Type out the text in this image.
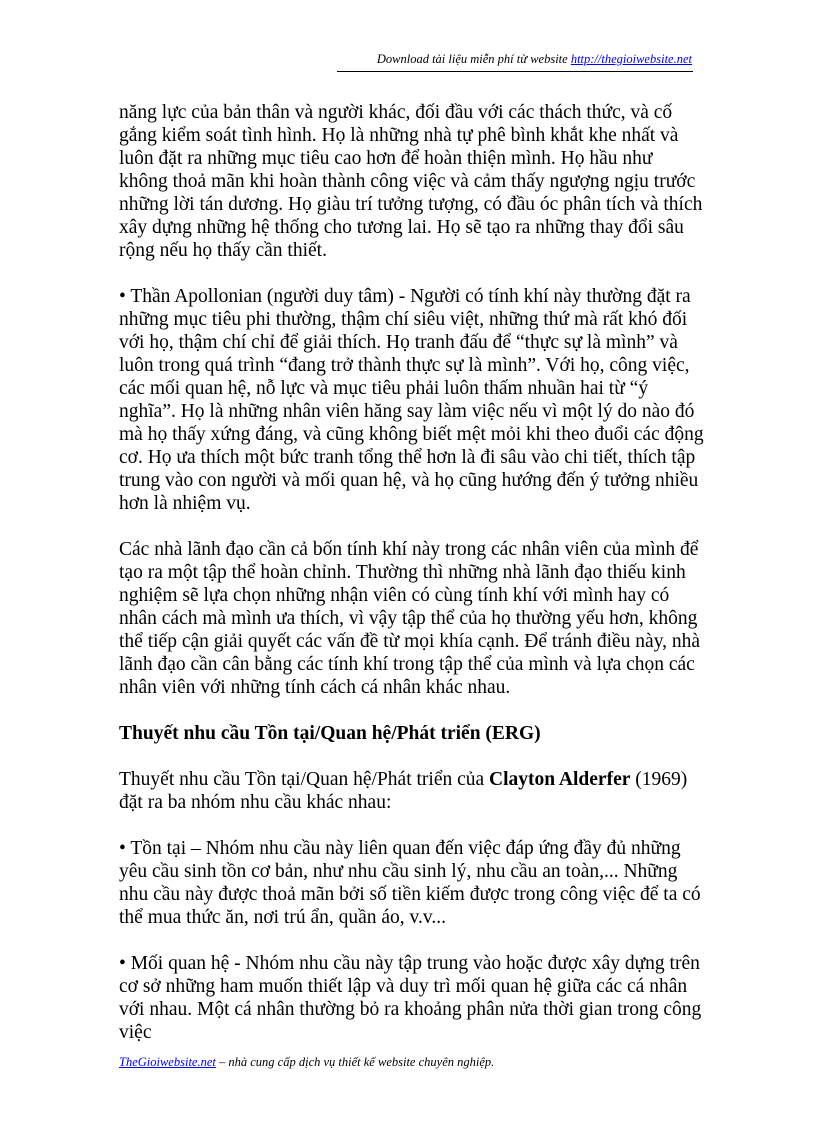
Download tài liệu miễn phí từ website http://thegioiwebsite.net

năng lực của bản thân và người khác, đối đầu với các thách thức, và cố gắng kiểm soát tình hình. Họ là những nhà tự phê bình khắt khe nhất và luôn đặt ra những mục tiêu cao hơn để hoàn thiện mình. Họ hầu như không thoả mãn khi hoàn thành công việc và cảm thấy ngượng ngịu trước những lời tán dương. Họ giàu trí tưởng tượng, có đầu óc phân tích và thích xây dựng những hệ thống cho tương lai. Họ sẽ tạo ra những thay đổi sâu rộng nếu họ thấy cần thiết.

• Thần Apollonian (người duy tâm) - Người có tính khí này thường đặt ra những mục tiêu phi thường, thậm chí siêu việt, những thứ mà rất khó đối với họ, thậm chí chỉ để giải thích. Họ tranh đấu để “thực sự là mình” và luôn trong quá trình “đang trở thành thực sự là mình”. Với họ, công việc, các mối quan hệ, nỗ lực và mục tiêu phải luôn thấm nhuần hai từ “ý nghĩa”. Họ là những nhân viên hăng say làm việc nếu vì một lý do nào đó mà họ thấy xứng đáng, và cũng không biết mệt mỏi khi theo đuổi các động cơ. Họ ưa thích một bức tranh tổng thể hơn là đi sâu vào chi tiết, thích tập trung vào con người và mối quan hệ, và họ cũng hướng đến ý tưởng nhiều hơn là nhiệm vụ.

Các nhà lãnh đạo cần cả bốn tính khí này trong các nhân viên của mình để tạo ra một tập thể hoàn chỉnh. Thường thì những nhà lãnh đạo thiếu kinh nghiệm sẽ lựa chọn những nhận viên có cùng tính khí với mình hay có nhân cách mà mình ưa thích, vì vậy tập thể của họ thường yếu hơn, không thể tiếp cận giải quyết các vấn đề từ mọi khía cạnh. Để tránh điều này, nhà lãnh đạo cần cân bằng các tính khí trong tập thể của mình và lựa chọn các nhân viên với những tính cách cá nhân khác nhau.

Thuyết nhu cầu Tồn tại/Quan hệ/Phát triển (ERG)

Thuyết nhu cầu Tồn tại/Quan hệ/Phát triển của Clayton Alderfer (1969) đặt ra ba nhóm nhu cầu khác nhau:

• Tồn tại – Nhóm nhu cầu này liên quan đến việc đáp ứng đầy đủ những yêu cầu sinh tồn cơ bản, như nhu cầu sinh lý, nhu cầu an toàn,... Những nhu cầu này được thoả mãn bởi số tiền kiếm được trong công việc để ta có thể mua thức ăn, nơi trú ẩn, quần áo, v.v...

• Mối quan hệ - Nhóm nhu cầu này tập trung vào hoặc được xây dựng trên cơ sở những ham muốn thiết lập và duy trì mối quan hệ giữa các cá nhân với nhau. Một cá nhân thường bỏ ra khoảng phân nửa thời gian trong công việc

TheGioiwebsite.net – nhà cung cấp dịch vụ thiết kế website chuyên nghiệp.
